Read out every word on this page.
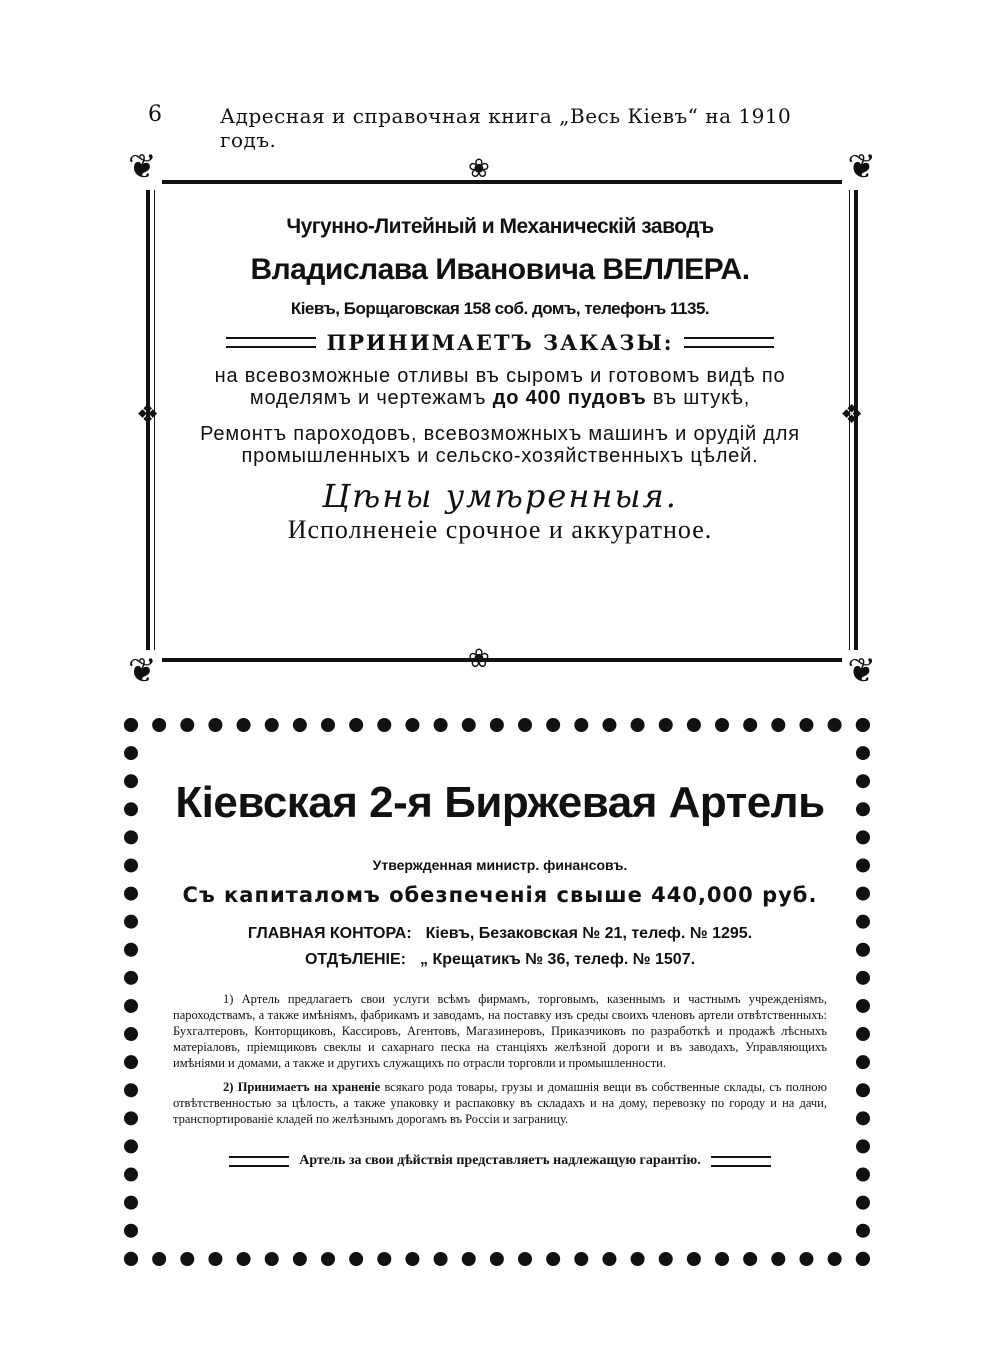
6	Адресная и справочная книга „Весь Кіевъ“ на 1910 годъ.
❦	❦
❦	❦
❀
❀
❖	❖
Чугунно-Литейный и Механическій заводъ
Владислава Ивановича ВЕЛЛЕРА.
Кіевъ, Борщаговская 158 соб. домъ, телефонъ 1135.
ПРИНИМАЕТЪ ЗАКАЗЫ:
на всевозможные отливы въ сыромъ и готовомъ видѣ по моделямъ и чертежамъ до 400 пудовъ въ штукѣ,
Ремонтъ пароходовъ, всевозможныхъ машинъ и орудій для промышленныхъ и сельско-хозяйственныхъ цѣлей.
Цѣны умѣренныя.
Исполненеie срочное и аккуратное.
Кіевская 2-я Биржевая Артель
Утвержденная министр. финансовъ.
Съ капиталомъ обезпеченія свыше 440,000 руб.
ГЛАВНАЯ КОНТОРА: Кіевъ, Безаковская № 21, телеф. № 1295.
ОТДѢЛЕНІЕ: „ Крещатикъ № 36, телеф. № 1507.
1) Артель предлагаетъ свои услуги всѣмъ фирмамъ, торговымъ, казеннымъ и частнымъ учрежденіямъ, пароходствамъ, а также имѣніямъ, фабрикамъ и заводамъ, на поставку изъ среды своихъ членовъ артели отвѣтственныхъ: Бухгалтеровъ, Конторщиковъ, Кассировъ, Агентовъ, Магазинеровъ, Приказчиковъ по разработкѣ и продажѣ лѣсныхъ матеріаловъ, пріемщиковъ свеклы и сахарнаго песка на станціяхъ желѣзной дороги и въ заводахъ, Управляющихъ имѣніями и домами, а также и другихъ служащихъ по отрасли торговли и промышленности.
2) Принимаетъ на храненіе всякаго рода товары, грузы и домашнія вещи въ собственные склады, съ полною отвѣтственностью за цѣлость, а также упаковку и распаковку въ складахъ и на дому, перевозку по городу и на дачи, транспортированіе кладей по желѣзнымъ дорогамъ въ Россіи и заграницу.
Артель за свои дѣйствія представляетъ надлежащую гарантію.
